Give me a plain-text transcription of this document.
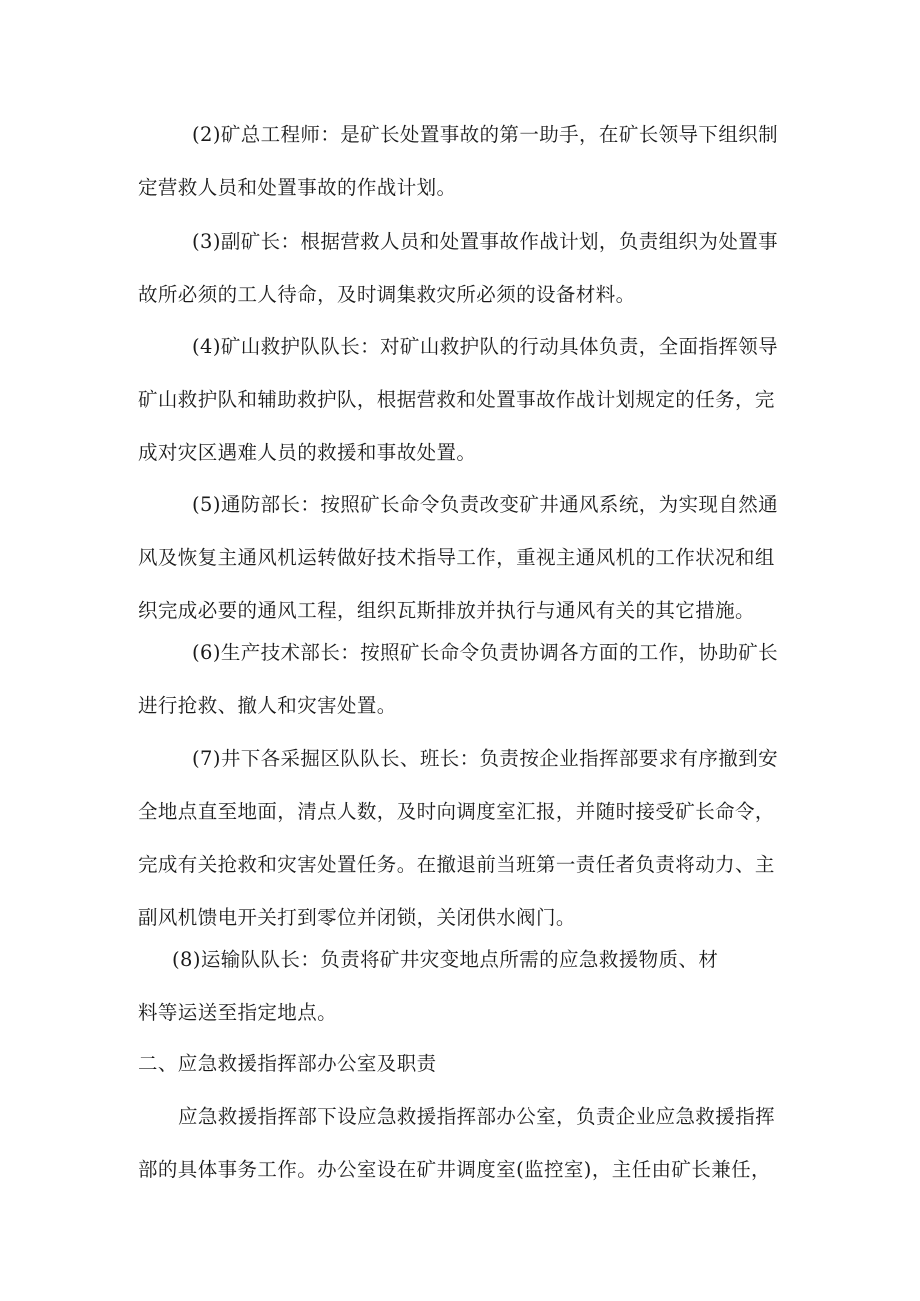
(2)矿总工程师：是矿长处置事故的第一助手，在矿长领导下组织制
定营救人员和处置事故的作战计划。
(3)副矿长：根据营救人员和处置事故作战计划，负责组织为处置事
故所必须的工人待命，及时调集救灾所必须的设备材料。
(4)矿山救护队队长：对矿山救护队的行动具体负责，全面指挥领导
矿山救护队和辅助救护队，根据营救和处置事故作战计划规定的任务，完
成对灾区遇难人员的救援和事故处置。
(5)通防部长：按照矿长命令负责改变矿井通风系统，为实现自然通
风及恢复主通风机运转做好技术指导工作，重视主通风机的工作状况和组
织完成必要的通风工程，组织瓦斯排放并执行与通风有关的其它措施。
(6)生产技术部长：按照矿长命令负责协调各方面的工作，协助矿长
进行抢救、撤人和灾害处置。
(7)井下各采掘区队队长、班长：负责按企业指挥部要求有序撤到安
全地点直至地面，清点人数，及时向调度室汇报，并随时接受矿长命令，
完成有关抢救和灾害处置任务。在撤退前当班第一责任者负责将动力、主
副风机馈电开关打到零位并闭锁，关闭供水阀门。
(8)运输队队长：负责将矿井灾变地点所需的应急救援物质、材
料等运送至指定地点。
二、应急救援指挥部办公室及职责
应急救援指挥部下设应急救援指挥部办公室，负责企业应急救援指挥
部的具体事务工作。办公室设在矿井调度室(监控室)，主任由矿长兼任，
